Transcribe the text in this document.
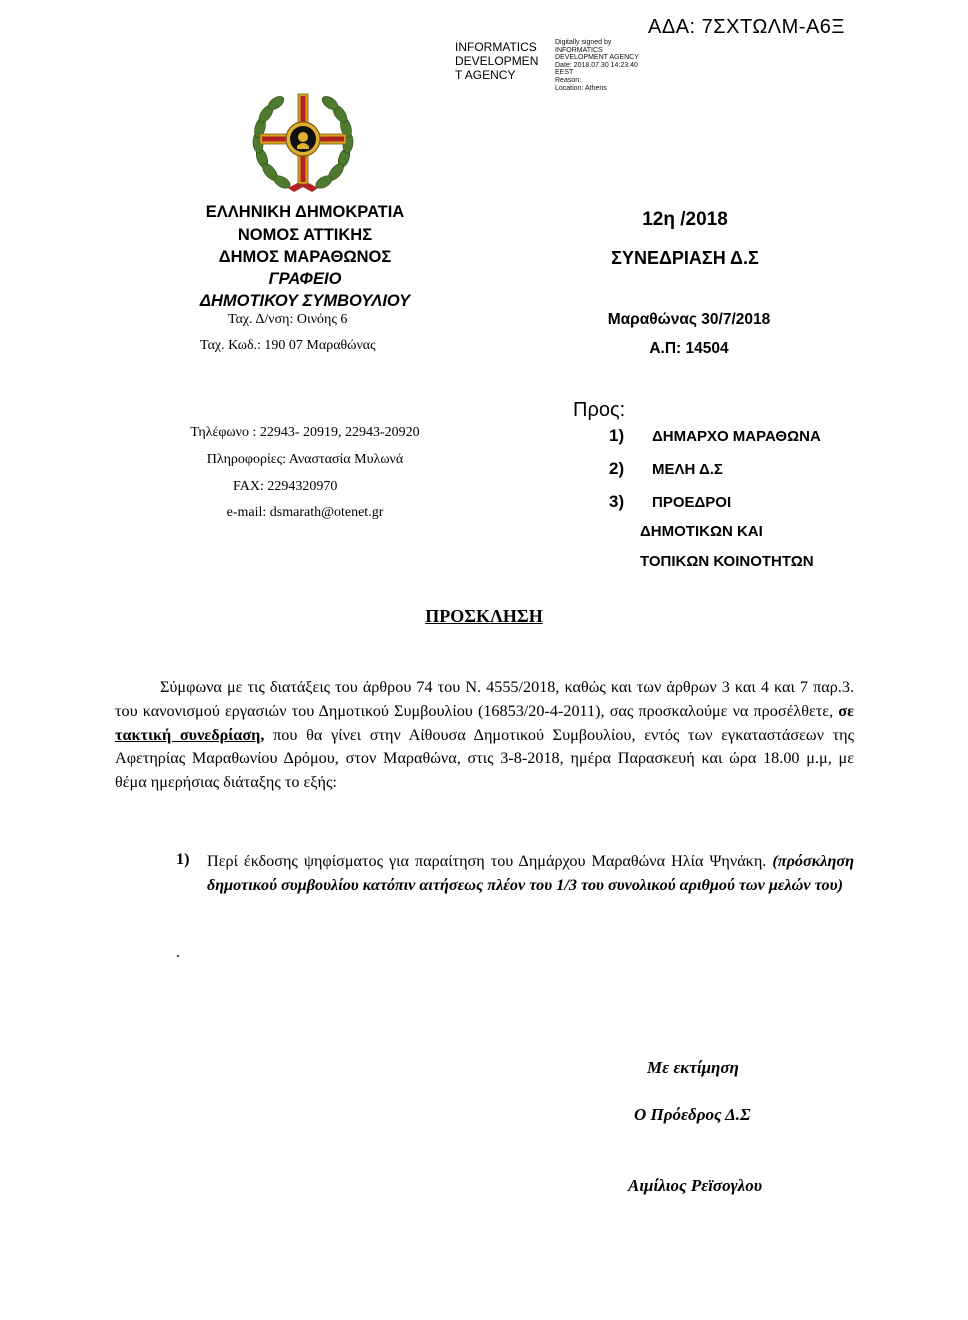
ΑΔΑ: 7ΣΧΤΩΛΜ-Α6Ξ
INFORMATICS
DEVELOPMEN
T AGENCY
Digitally signed by
INFORMATICS
DEVELOPMENT AGENCY
Date: 2018.07.30 14:23:40
EEST
Reason:
Location: Athens
ΕΛΛΗΝΙΚΗ ΔΗΜΟΚΡΑΤΙΑ
ΝΟΜΟΣ ΑΤΤΙΚΗΣ
ΔΗΜΟΣ ΜΑΡΑΘΩΝΟΣ
ΓΡΑΦΕΙΟ
ΔΗΜΟΤΙΚΟΥ ΣΥΜΒΟΥΛΙΟΥ
Ταχ. Δ/νση: Οινόης 6
Ταχ. Κωδ.: 190 07 Μαραθώνας
Τηλέφωνο : 22943- 20919, 22943-20920
Πληροφορίες: Αναστασία Μυλωνά
FAX: 2294320970
e-mail: dsmarath@otenet.gr
12η /2018
ΣΥΝΕΔΡΙΑΣΗ Δ.Σ
Μαραθώνας 30/7/2018
Α.Π: 14504
Προς:
1) ΔΗΜΑΡΧΟ ΜΑΡΑΘΩΝΑ
2) ΜΕΛΗ Δ.Σ
3) ΠΡΟΕΔΡΟΙ
ΔΗΜΟΤΙΚΩΝ ΚΑΙ
ΤΟΠΙΚΩΝ ΚΟΙΝΟΤΗΤΩΝ
ΠΡΟΣΚΛΗΣΗ
Σύμφωνα με τις διατάξεις του άρθρου 74 του Ν. 4555/2018, καθώς και των άρθρων 3 και 4 και 7 παρ.3. του κανονισμού εργασιών του Δημοτικού Συμβουλίου (16853/20-4-2011), σας προσκαλούμε να προσέλθετε, σε τακτική συνεδρίαση, που θα γίνει στην Αίθουσα Δημοτικού Συμβουλίου, εντός των εγκαταστάσεων της Αφετηρίας Μαραθωνίου Δρόμου, στον Μαραθώνα, στις 3-8-2018, ημέρα Παρασκευή και ώρα 18.00 μ.μ, με θέμα ημερήσιας διάταξης το εξής:
1) Περί έκδοσης ψηφίσματος για παραίτηση του Δημάρχου Μαραθώνα Ηλία Ψηνάκη. (πρόσκληση δημοτικού συμβουλίου κατόπιν αιτήσεως πλέον του 1/3 του συνολικού αριθμού των μελών του)
.
Με εκτίμηση
Ο Πρόεδρος Δ.Σ
Αιμίλιος Ρεϊσογλου
